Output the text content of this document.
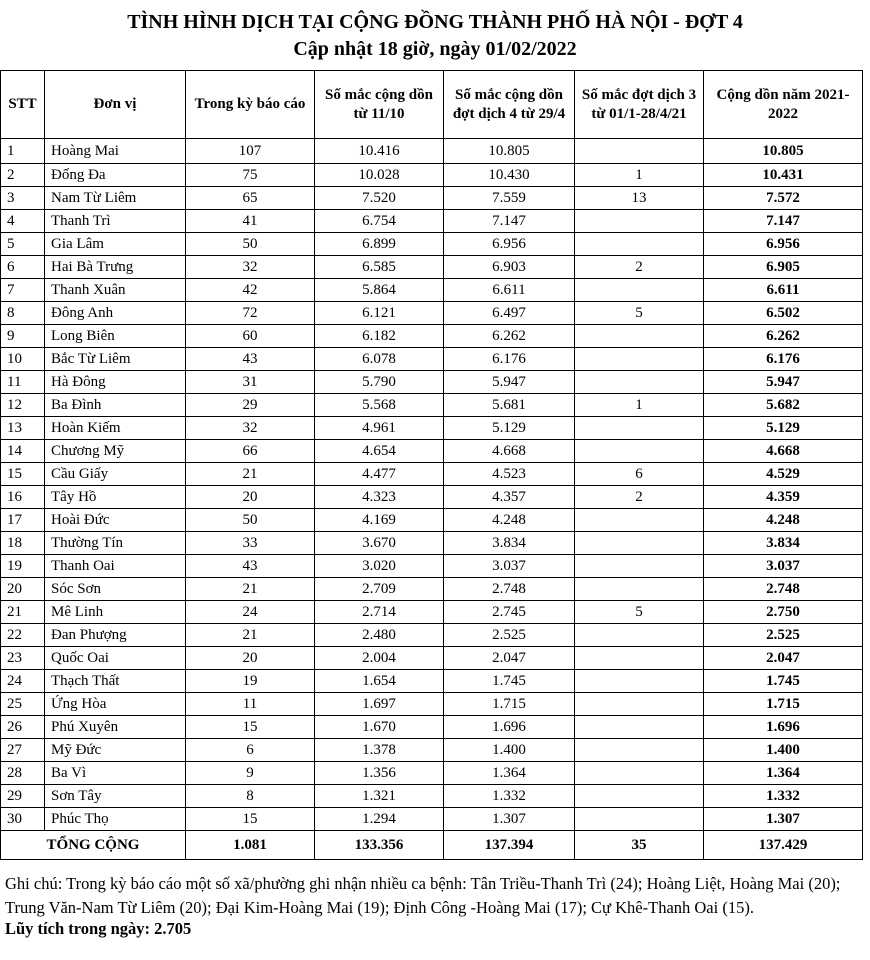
TÌNH HÌNH DỊCH TẠI CỘNG ĐỒNG THÀNH PHỐ HÀ NỘI - ĐỢT 4
Cập nhật 18 giờ, ngày 01/02/2022
STT	Đơn vị	Trong kỳ báo cáo	Số mắc cộng dồn từ 11/10	Số mắc cộng dồn đợt dịch 4 từ 29/4	Số mắc đợt dịch 3 từ 01/1-28/4/21	Cộng dồn năm 2021-2022
1	Hoàng Mai	107	10.416	10.805		10.805
2	Đống Đa	75	10.028	10.430	1	10.431
3	Nam Từ Liêm	65	7.520	7.559	13	7.572
4	Thanh Trì	41	6.754	7.147		7.147
5	Gia Lâm	50	6.899	6.956		6.956
6	Hai Bà Trưng	32	6.585	6.903	2	6.905
7	Thanh Xuân	42	5.864	6.611		6.611
8	Đông Anh	72	6.121	6.497	5	6.502
9	Long Biên	60	6.182	6.262		6.262
10	Bắc Từ Liêm	43	6.078	6.176		6.176
11	Hà Đông	31	5.790	5.947		5.947
12	Ba Đình	29	5.568	5.681	1	5.682
13	Hoàn Kiếm	32	4.961	5.129		5.129
14	Chương Mỹ	66	4.654	4.668		4.668
15	Cầu Giấy	21	4.477	4.523	6	4.529
16	Tây Hồ	20	4.323	4.357	2	4.359
17	Hoài Đức	50	4.169	4.248		4.248
18	Thường Tín	33	3.670	3.834		3.834
19	Thanh Oai	43	3.020	3.037		3.037
20	Sóc Sơn	21	2.709	2.748		2.748
21	Mê Linh	24	2.714	2.745	5	2.750
22	Đan Phượng	21	2.480	2.525		2.525
23	Quốc Oai	20	2.004	2.047		2.047
24	Thạch Thất	19	1.654	1.745		1.745
25	Ứng Hòa	11	1.697	1.715		1.715
26	Phú Xuyên	15	1.670	1.696		1.696
27	Mỹ Đức	6	1.378	1.400		1.400
28	Ba Vì	9	1.356	1.364		1.364
29	Sơn Tây	8	1.321	1.332		1.332
30	Phúc Thọ	15	1.294	1.307		1.307
TỔNG CỘNG		1.081	133.356	137.394	35	137.429
Ghi chú: Trong kỳ báo cáo một số xã/phường ghi nhận nhiều ca bệnh: Tân Triều-Thanh Trì (24); Hoàng Liệt, Hoàng Mai (20); Trung Văn-Nam Từ Liêm (20); Đại Kim-Hoàng Mai (19); Định Công -Hoàng Mai (17); Cự Khê-Thanh Oai (15).
Lũy tích trong ngày: 2.705
